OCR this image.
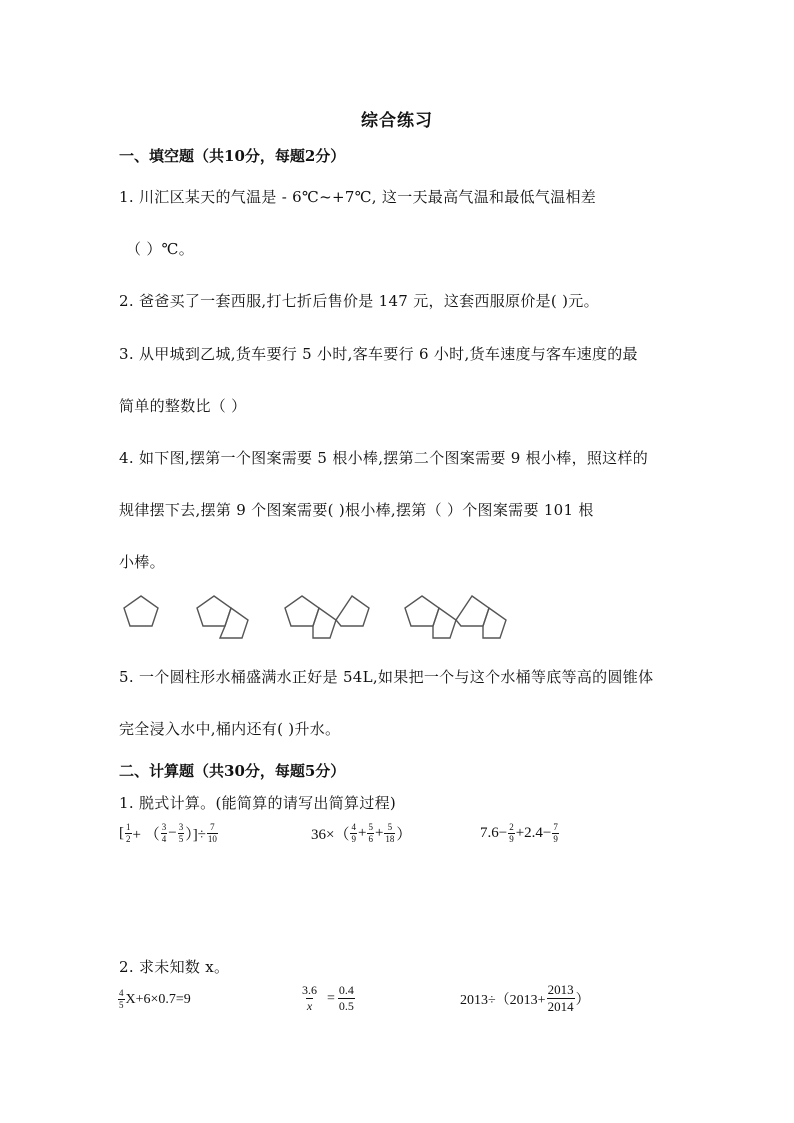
综合练习
一、填空题（共10分，每题2分）
1. 川汇区某天的气温是 - 6℃~+7℃, 这一天最高气温和最低气温相差
（ ）℃。
2. 爸爸买了一套西服,打七折后售价是 147 元，这套西服原价是( )元。
3. 从甲城到乙城,货车要行 5 小时,客车要行 6 小时,货车速度与客车速度的最
简单的整数比（ ）
4. 如下图,摆第一个图案需要 5 根小棒,摆第二个图案需要 9 根小棒，照这样的
规律摆下去,摆第 9 个图案需要( )根小棒,摆第（ ）个图案需要 101 根
小棒。
5. 一个圆柱形水桶盛满水正好是 54L,如果把一个与这个水桶等底等高的圆锥体
完全浸入水中,桶内还有( )升水。
二、计算题（共30分，每题5分）
1. 脱式计算。(能简算的请写出简算过程)
[ $\frac{1}{2}$ + （ $\frac{3}{4} - \frac{3}{5}$ ）]÷ $\frac{7}{10}$	$36\times( \frac{4}{9} + \frac{5}{6} + \frac{5}{18}$ ）	$7.6- \frac{2}{9} +2.4- \frac{7}{9}$
2. 求未知数 x。
$\frac{4}{5} X+6\times 0.7=9$	$\frac{3.6}{x} = \frac{0.4}{0.5}$	$2013\div(2013+ \frac{2013}{2014}$ ）
